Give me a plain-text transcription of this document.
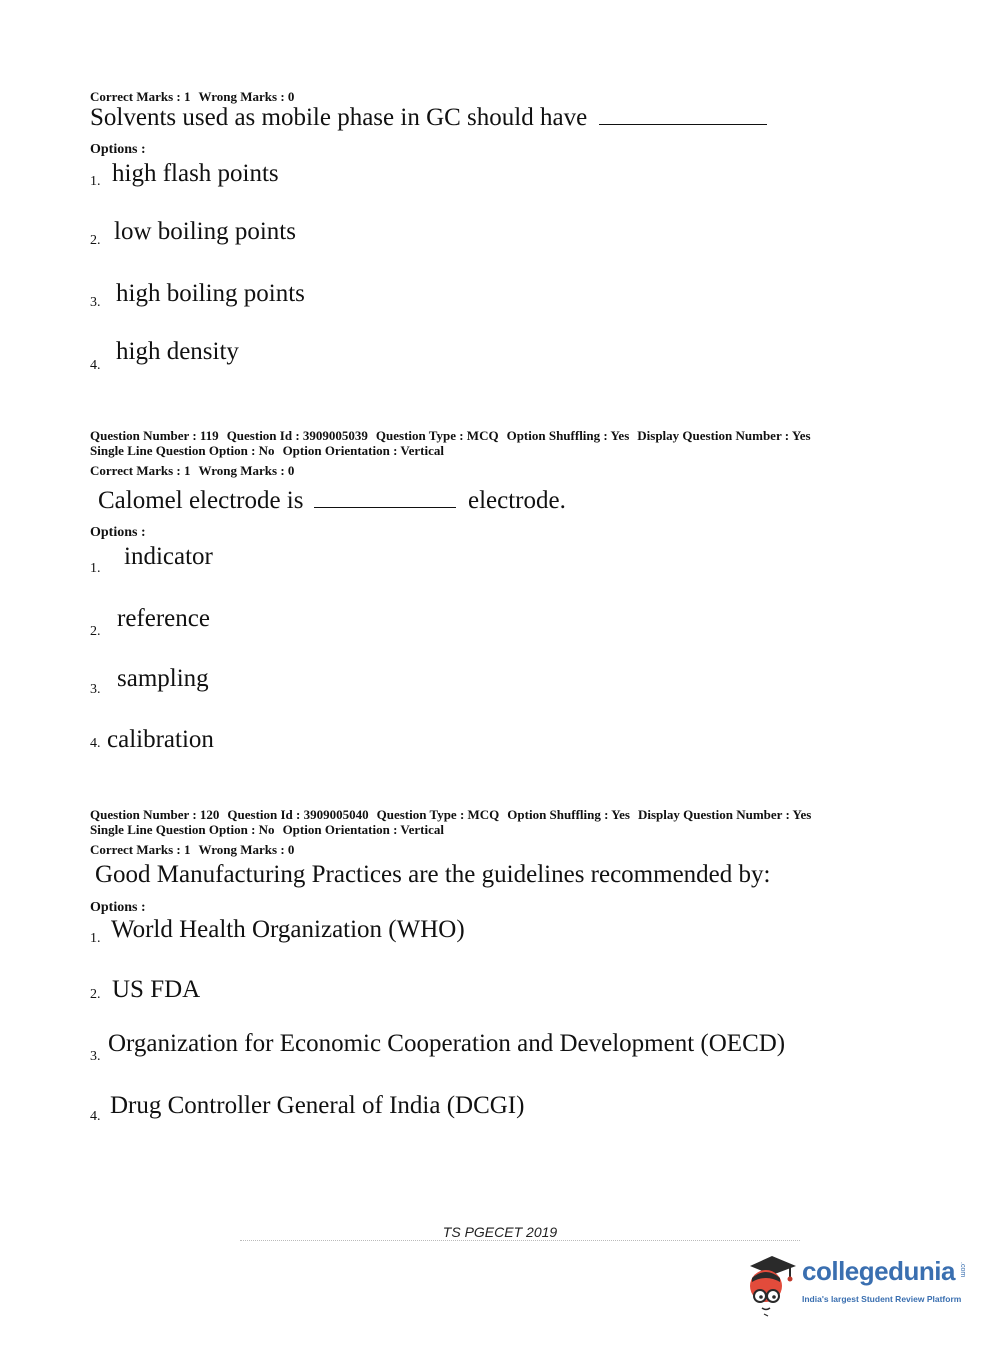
Correct Marks : 1 Wrong Marks : 0
Solvents used as mobile phase in GC should have
Options :
1. high flash points
2. low boiling points
3. high boiling points
4.
high density
Question Number : 119 Question Id : 3909005039 Question Type : MCQ Option Shuffling : Yes Display Question Number : Yes
Single Line Question Option : No Option Orientation : Vertical
Correct Marks : 1 Wrong Marks : 0
Calomel electrode is	electrode.
Options :
1. indicator
2. reference
3. sampling
4. calibration
Question Number : 120 Question Id : 3909005040 Question Type : MCQ Option Shuffling : Yes Display Question Number : Yes
Single Line Question Option : No Option Orientation : Vertical
Correct Marks : 1 Wrong Marks : 0
Good Manufacturing Practices are the guidelines recommended by:
Options :
1. World Health Organization (WHO)
2. US FDA
3. Organization for Economic Cooperation and Development (OECD)
4. Drug Controller General of India (DCGI)
TS PGECET 2019
collegedunia .com
India's largest Student Review Platform
